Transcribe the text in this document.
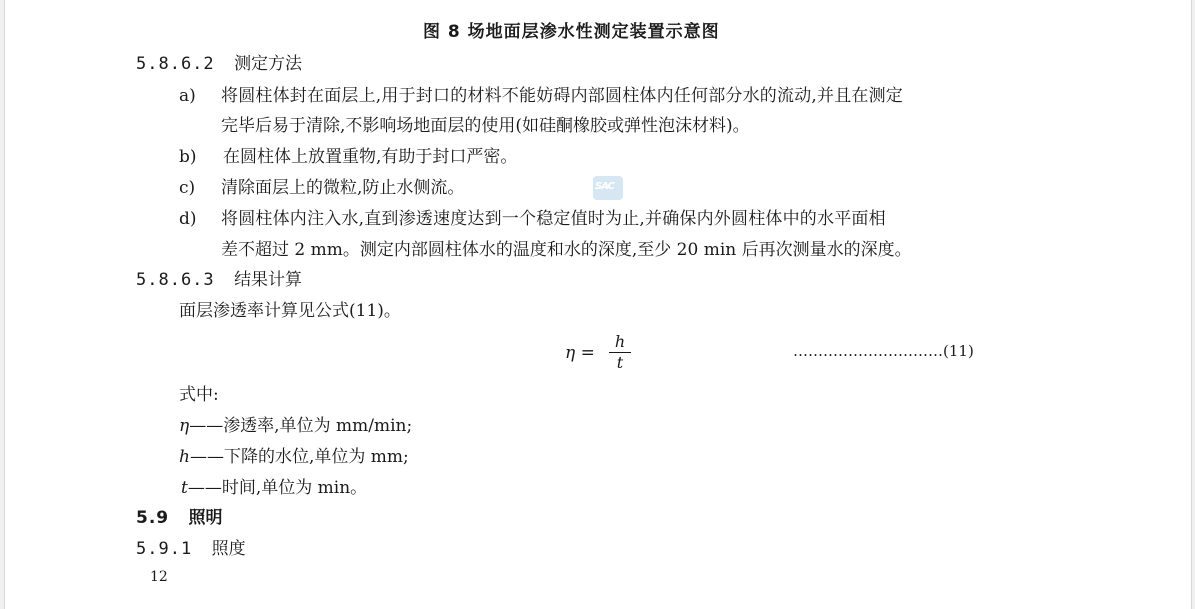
图 8 场地面层渗水性测定装置示意图
5.8.6.2 测定方法
a) 将圆柱体封在面层上,用于封口的材料不能妨碍内部圆柱体内任何部分水的流动,并且在测定
完毕后易于清除,不影响场地面层的使用(如硅酮橡胶或弹性泡沫材料)。
b) 在圆柱体上放置重物,有助于封口严密。
c) 清除面层上的微粒,防止水侧流。	SAC
d) 将圆柱体内注入水,直到渗透速度达到一个稳定值时为止,并确保内外圆柱体中的水平面相
差不超过 2 mm。测定内部圆柱体水的温度和水的深度,至少 20 min 后再次测量水的深度。
5.8.6.3 结果计算
面层渗透率计算见公式(11)。
η =
h
t
…………………………(11)
式中:
η——渗透率,单位为 mm/min;
h——下降的水位,单位为 mm;
t——时间,单位为 min。
5.9 照明
5.9.1 照度
12
